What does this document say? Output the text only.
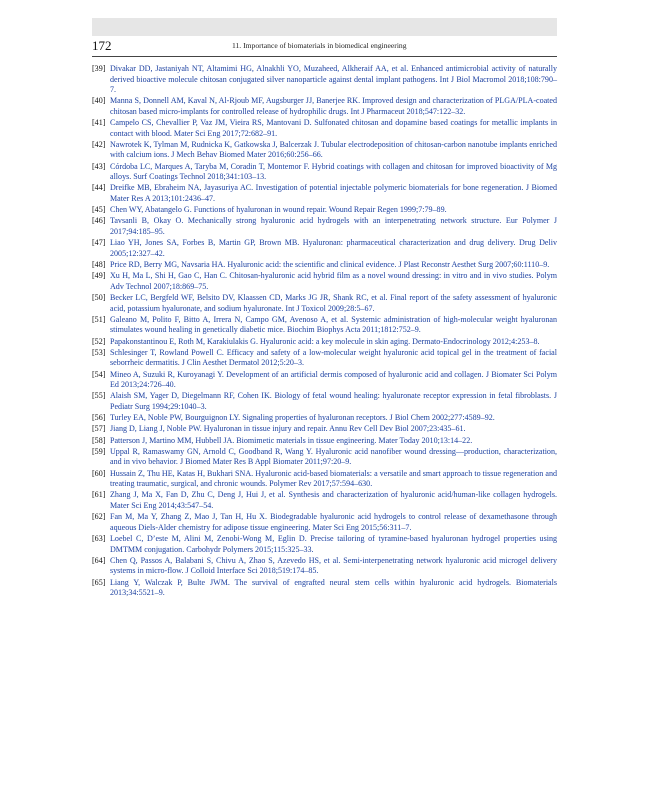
172	11. Importance of biomaterials in biomedical engineering
[39] Divakar DD, Jastaniyah NT, Altamimi HG, Alnakhli YO, Muzaheed, Alkheraif AA, et al. Enhanced antimicrobial activity of naturally derived bioactive molecule chitosan conjugated silver nanoparticle against dental implant pathogens. Int J Biol Macromol 2018;108:790–7.
[40] Manna S, Donnell AM, Kaval N, Al-Rjoub MF, Augsburger JJ, Banerjee RK. Improved design and characterization of PLGA/PLA-coated chitosan based micro-implants for controlled release of hydrophilic drugs. Int J Pharmaceut 2018;547:122–32.
[41] Campelo CS, Chevallier P, Vaz JM, Vieira RS, Mantovani D. Sulfonated chitosan and dopamine based coatings for metallic implants in contact with blood. Mater Sci Eng 2017;72:682–91.
[42] Nawrotek K, Tylman M, Rudnicka K, Gatkowska J, Balcerzak J. Tubular electrodeposition of chitosan-carbon nanotube implants enriched with calcium ions. J Mech Behav Biomed Mater 2016;60:256–66.
[43] Córdoba LC, Marques A, Taryba M, Coradin T, Montemor F. Hybrid coatings with collagen and chitosan for improved bioactivity of Mg alloys. Surf Coatings Technol 2018;341:103–13.
[44] Dreifke MB, Ebraheim NA, Jayasuriya AC. Investigation of potential injectable polymeric biomaterials for bone regeneration. J Biomed Mater Res A 2013;101:2436–47.
[45] Chen WY, Abatangelo G. Functions of hyaluronan in wound repair. Wound Repair Regen 1999;7:79–89.
[46] Tavsanli B, Okay O. Mechanically strong hyaluronic acid hydrogels with an interpenetrating network structure. Eur Polymer J 2017;94:185–95.
[47] Liao YH, Jones SA, Forbes B, Martin GP, Brown MB. Hyaluronan: pharmaceutical characterization and drug delivery. Drug Deliv 2005;12:327–42.
[48] Price RD, Berry MG, Navsaria HA. Hyaluronic acid: the scientific and clinical evidence. J Plast Reconstr Aesthet Surg 2007;60:1110–9.
[49] Xu H, Ma L, Shi H, Gao C, Han C. Chitosan-hyaluronic acid hybrid film as a novel wound dressing: in vitro and in vivo studies. Polym Adv Technol 2007;18:869–75.
[50] Becker LC, Bergfeld WF, Belsito DV, Klaassen CD, Marks JG JR, Shank RC, et al. Final report of the safety assessment of hyaluronic acid, potassium hyaluronate, and sodium hyaluronate. Int J Toxicol 2009;28:5–67.
[51] Galeano M, Polito F, Bitto A, Irrera N, Campo GM, Avenoso A, et al. Systemic administration of high-molecular weight hyaluronan stimulates wound healing in genetically diabetic mice. Biochim Biophys Acta 2011;1812:752–9.
[52] Papakonstantinou E, Roth M, Karakiulakis G. Hyaluronic acid: a key molecule in skin aging. Dermato-Endocrinology 2012;4:253–8.
[53] Schlesinger T, Rowland Powell C. Efficacy and safety of a low-molecular weight hyaluronic acid topical gel in the treatment of facial seborrheic dermatitis. J Clin Aesthet Dermatol 2012;5:20–3.
[54] Mineo A, Suzuki R, Kuroyanagi Y. Development of an artificial dermis composed of hyaluronic acid and collagen. J Biomater Sci Polym Ed 2013;24:726–40.
[55] Alaish SM, Yager D, Diegelmann RF, Cohen IK. Biology of fetal wound healing: hyaluronate receptor expression in fetal fibroblasts. J Pediatr Surg 1994;29:1040–3.
[56] Turley EA, Noble PW, Bourguignon LY. Signaling properties of hyaluronan receptors. J Biol Chem 2002;277:4589–92.
[57] Jiang D, Liang J, Noble PW. Hyaluronan in tissue injury and repair. Annu Rev Cell Dev Biol 2007;23:435–61.
[58] Patterson J, Martino MM, Hubbell JA. Biomimetic materials in tissue engineering. Mater Today 2010;13:14–22.
[59] Uppal R, Ramaswamy GN, Arnold C, Goodband R, Wang Y. Hyaluronic acid nanofiber wound dressing—production, characterization, and in vivo behavior. J Biomed Mater Res B Appl Biomater 2011;97:20–9.
[60] Hussain Z, Thu HE, Katas H, Bukhari SNA. Hyaluronic acid-based biomaterials: a versatile and smart approach to tissue regeneration and treating traumatic, surgical, and chronic wounds. Polymer Rev 2017;57:594–630.
[61] Zhang J, Ma X, Fan D, Zhu C, Deng J, Hui J, et al. Synthesis and characterization of hyaluronic acid/human-like collagen hydrogels. Mater Sci Eng 2014;43:547–54.
[62] Fan M, Ma Y, Zhang Z, Mao J, Tan H, Hu X. Biodegradable hyaluronic acid hydrogels to control release of dexamethasone through aqueous Diels-Alder chemistry for adipose tissue engineering. Mater Sci Eng 2015;56:311–7.
[63] Loebel C, D’este M, Alini M, Zenobi-Wong M, Eglin D. Precise tailoring of tyramine-based hyaluronan hydrogel properties using DMTMM conjugation. Carbohydr Polymers 2015;115:325–33.
[64] Chen Q, Passos A, Balabani S, Chivu A, Zhao S, Azevedo HS, et al. Semi-interpenetrating network hyaluronic acid microgel delivery systems in micro-flow. J Colloid Interface Sci 2018;519:174–85.
[65] Liang Y, Walczak P, Bulte JWM. The survival of engrafted neural stem cells within hyaluronic acid hydrogels. Biomaterials 2013;34:5521–9.
